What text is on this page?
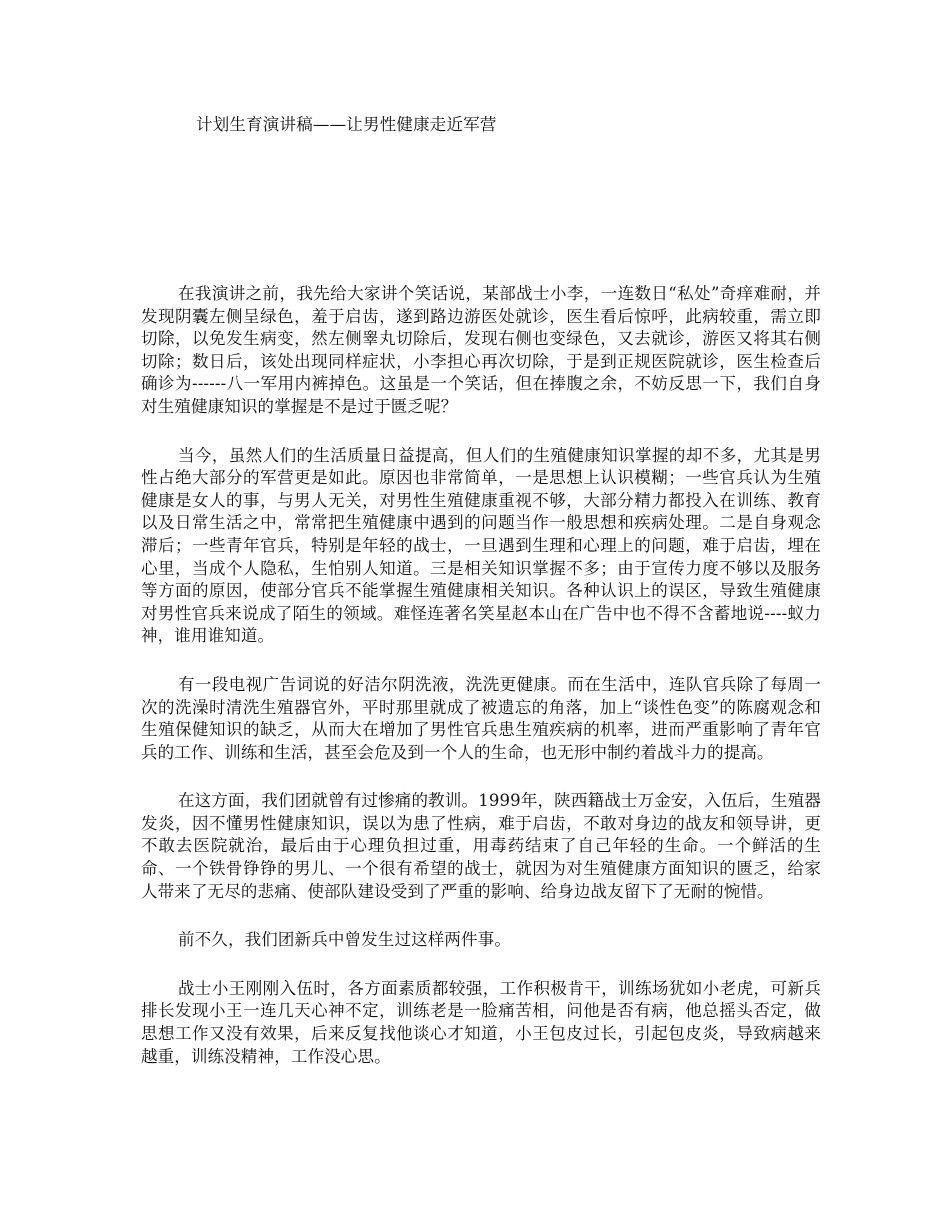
计划生育演讲稿——让男性健康走近军营

在我演讲之前，我先给大家讲个笑话说，某部战士小李，一连数日“私处”奇痒难耐，并发现阴囊左侧呈绿色，羞于启齿，遂到路边游医处就诊，医生看后惊呼，此病较重，需立即切除，以免发生病变，然左侧睾丸切除后，发现右侧也变绿色，又去就诊，游医又将其右侧切除；数日后，该处出现同样症状，小李担心再次切除，于是到正规医院就诊，医生检查后确诊为------八一军用内裤掉色。这虽是一个笑话，但在捧腹之余，不妨反思一下，我们自身对生殖健康知识的掌握是不是过于匮乏呢？

当今，虽然人们的生活质量日益提高，但人们的生殖健康知识掌握的却不多，尤其是男性占绝大部分的军营更是如此。原因也非常简单，一是思想上认识模糊；一些官兵认为生殖健康是女人的事，与男人无关，对男性生殖健康重视不够，大部分精力都投入在训练、教育以及日常生活之中，常常把生殖健康中遇到的问题当作一般思想和疾病处理。二是自身观念滞后；一些青年官兵，特别是年轻的战士，一旦遇到生理和心理上的问题，难于启齿，埋在心里，当成个人隐私，生怕别人知道。三是相关知识掌握不多；由于宣传力度不够以及服务等方面的原因，使部分官兵不能掌握生殖健康相关知识。各种认识上的误区，导致生殖健康对男性官兵来说成了陌生的领域。难怪连著名笑星赵本山在广告中也不得不含蓄地说----蚁力神，谁用谁知道。

有一段电视广告词说的好洁尔阴洗液，洗洗更健康。而在生活中，连队官兵除了每周一次的洗澡时清洗生殖器官外，平时那里就成了被遗忘的角落，加上“谈性色变”的陈腐观念和生殖保健知识的缺乏，从而大在增加了男性官兵患生殖疾病的机率，进而严重影响了青年官兵的工作、训练和生活，甚至会危及到一个人的生命，也无形中制约着战斗力的提高。

在这方面，我们团就曾有过惨痛的教训。1999年，陕西籍战士万金安，入伍后，生殖器发炎，因不懂男性健康知识，误以为患了性病，难于启齿，不敢对身边的战友和领导讲，更不敢去医院就治，最后由于心理负担过重，用毒药结束了自己年轻的生命。一个鲜活的生命、一个铁骨铮铮的男儿、一个很有希望的战士，就因为对生殖健康方面知识的匮乏，给家人带来了无尽的悲痛、使部队建设受到了严重的影响、给身边战友留下了无耐的惋惜。

前不久，我们团新兵中曾发生过这样两件事。

战士小王刚刚入伍时，各方面素质都较强，工作积极肯干，训练场犹如小老虎，可新兵排长发现小王一连几天心神不定，训练老是一脸痛苦相，问他是否有病，他总摇头否定，做思想工作又没有效果，后来反复找他谈心才知道，小王包皮过长，引起包皮炎，导致病越来越重，训练没精神，工作没心思。
